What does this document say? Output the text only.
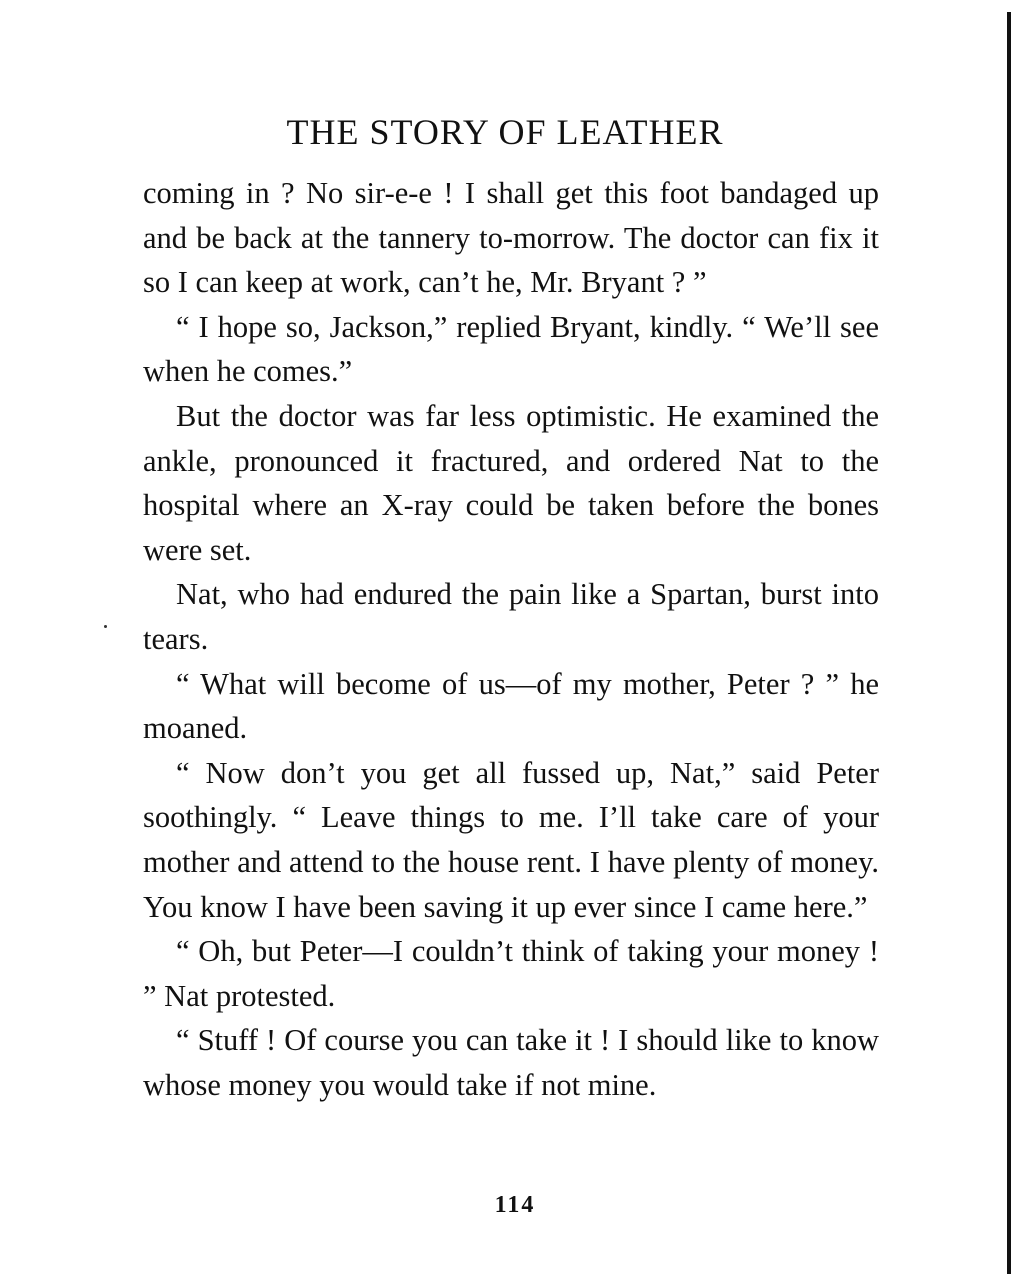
THE STORY OF LEATHER

coming in ? No sir-e-e ! I shall get this foot bandaged up and be back at the tannery to-morrow. The doctor can fix it so I can keep at work, can’t he, Mr. Bryant ? ”

“ I hope so, Jackson,” replied Bryant, kindly. “ We’ll see when he comes.”

But the doctor was far less optimistic. He examined the ankle, pronounced it fractured, and ordered Nat to the hospital where an X-ray could be taken before the bones were set.

Nat, who had endured the pain like a Spartan, burst into tears.

“ What will become of us—of my mother, Peter ? ” he moaned.

“ Now don’t you get all fussed up, Nat,” said Peter soothingly. “ Leave things to me. I’ll take care of your mother and attend to the house rent. I have plenty of money. You know I have been saving it up ever since I came here.”

“ Oh, but Peter—I couldn’t think of taking your money ! ” Nat protested.

“ Stuff ! Of course you can take it ! I should like to know whose money you would take if not mine.

114
